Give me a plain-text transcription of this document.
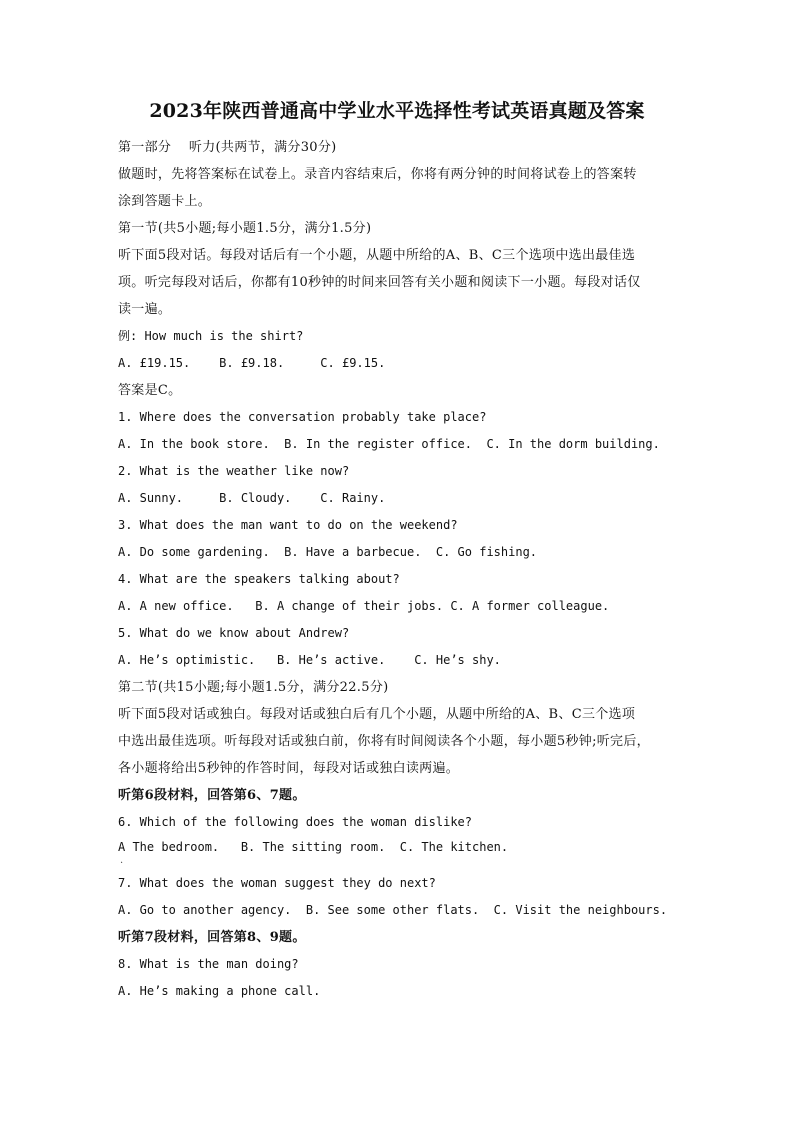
2023年陕西普通高中学业水平选择性考试英语真题及答案
第一部分　 听力(共两节，满分30分)
做题时，先将答案标在试卷上。录音内容结束后，你将有两分钟的时间将试卷上的答案转
涂到答题卡上。
第一节(共5小题;每小题1.5分，满分1.5分)
听下面5段对话。每段对话后有一个小题，从题中所给的A、B、C三个选项中选出最佳选
项。听完每段对话后，你都有10秒钟的时间来回答有关小题和阅读下一小题。每段对话仅
读一遍。
例: How much is the shirt?
A. £19.15.    B. £9.18.     C. £9.15.
答案是C。
1. Where does the conversation probably take place?
A. In the book store.  B. In the register office.  C. In the dorm building.
2. What is the weather like now?
A. Sunny.     B. Cloudy.    C. Rainy.
3. What does the man want to do on the weekend?
A. Do some gardening.  B. Have a barbecue.  C. Go fishing.
4. What are the speakers talking about?
A. A new office.   B. A change of their jobs. C. A former colleague.
5. What do we know about Andrew?
A. He’s optimistic.   B. He’s active.    C. He’s shy.
第二节(共15小题;每小题1.5分，满分22.5分)
听下面5段对话或独白。每段对话或独白后有几个小题，从题中所给的A、B、C三个选项
中选出最佳选项。听每段对话或独白前，你将有时间阅读各个小题，每小题5秒钟;听完后，
各小题将给出5秒钟的作答时间，每段对话或独白读两遍。
听第6段材料，回答第6、7题。
6. Which of the following does the woman dislike?
A The bedroom.   B. The sitting room.  C. The kitchen.
·
7. What does the woman suggest they do next?
A. Go to another agency.  B. See some other flats.  C. Visit the neighbours.
听第7段材料，回答第8、9题。
8. What is the man doing?
A. He’s making a phone call.
